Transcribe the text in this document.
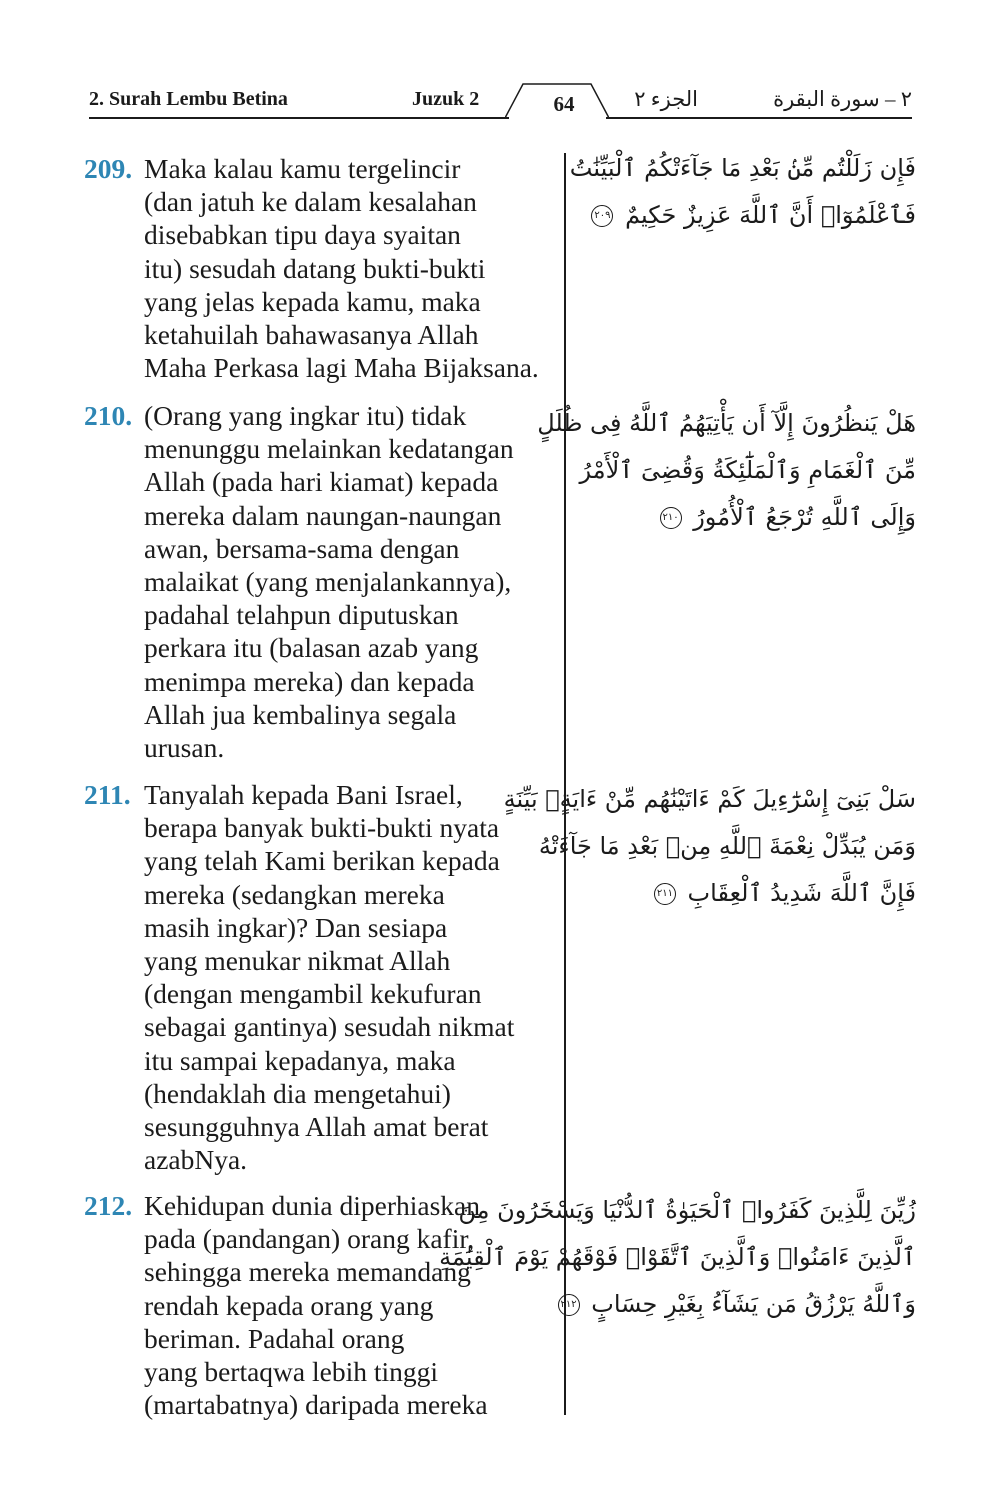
2. Surah Lembu Betina	Juzuk 2	64	الجزء ٢	٢ – سورة البقرة
209. Maka kalau kamu tergelincir
(dan jatuh ke dalam kesalahan
disebabkan tipu daya syaitan
itu) sesudah datang bukti-bukti
yang jelas kepada kamu, maka
ketahuilah bahawasanya Allah
Maha Perkasa lagi Maha Bijaksana.
فَإِن زَلَلْتُم مِّنۢ بَعْدِ مَا جَآءَتْكُمُ ٱلْبَيِّنَٰتُ
فَٱعْلَمُوٓا۟ أَنَّ ٱللَّهَ عَزِيزٌ حَكِيمٌ ٢٠٩
210. (Orang yang ingkar itu) tidak
menunggu melainkan kedatangan
Allah (pada hari kiamat) kepada
mereka dalam naungan-naungan
awan, bersama-sama dengan
malaikat (yang menjalankannya),
padahal telahpun diputuskan
perkara itu (balasan azab yang
menimpa mereka) dan kepada
Allah jua kembalinya segala
urusan.
هَلْ يَنظُرُونَ إِلَّآ أَن يَأْتِيَهُمُ ٱللَّهُ فِى ظُلَلٍ
مِّنَ ٱلْغَمَامِ وَٱلْمَلَٰٓئِكَةُ وَقُضِىَ ٱلْأَمْرُ
وَإِلَى ٱللَّهِ تُرْجَعُ ٱلْأُمُورُ ٢١٠
211. Tanyalah kepada Bani Israel,
berapa banyak bukti-bukti nyata
yang telah Kami berikan kepada
mereka (sedangkan mereka
masih ingkar)? Dan sesiapa
yang menukar nikmat Allah
(dengan mengambil kekufuran
sebagai gantinya) sesudah nikmat
itu sampai kepadanya, maka
(hendaklah dia mengetahui)
sesungguhnya Allah amat berat
azabNya.
سَلْ بَنِىٓ إِسْرَٰٓءِيلَ كَمْ ءَاتَيْنَٰهُم مِّنْ ءَايَةٍۭ بَيِّنَةٍ
وَمَن يُبَدِّلْ نِعْمَةَ ٱللَّهِ مِنۢ بَعْدِ مَا جَآءَتْهُ
فَإِنَّ ٱللَّهَ شَدِيدُ ٱلْعِقَابِ ٢١١
212. Kehidupan dunia diperhiaskan
pada (pandangan) orang kafir,
sehingga mereka memandang
rendah kepada orang yang
beriman. Padahal orang
yang bertaqwa lebih tinggi
(martabatnya) daripada mereka
زُيِّنَ لِلَّذِينَ كَفَرُوا۟ ٱلْحَيَوٰةُ ٱلدُّنْيَا وَيَسْخَرُونَ مِنَ
ٱلَّذِينَ ءَامَنُوا۟ وَٱلَّذِينَ ٱتَّقَوْا۟ فَوْقَهُمْ يَوْمَ ٱلْقِيَٰمَةِ
وَٱللَّهُ يَرْزُقُ مَن يَشَآءُ بِغَيْرِ حِسَابٍ ٢١٢
